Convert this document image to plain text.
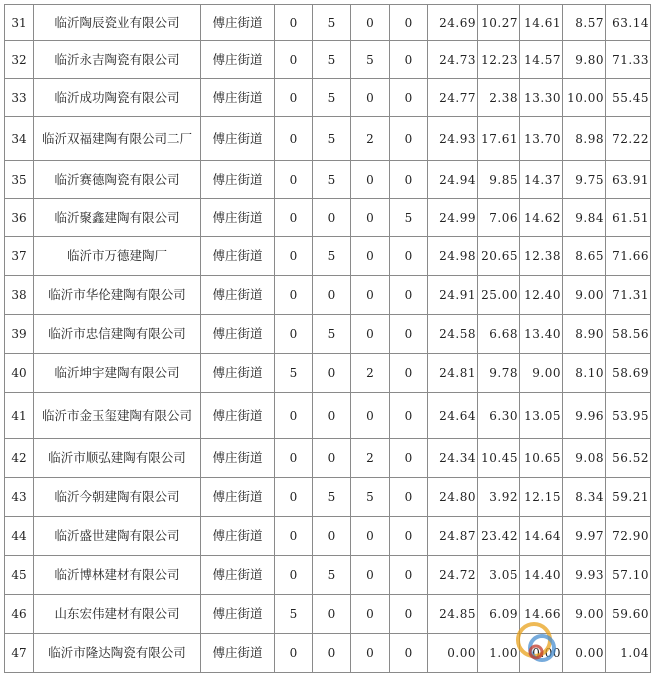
31	临沂陶辰瓷业有限公司	傅庄街道	0	5	0	0	24.69	10.27	14.61	8.57	63.14
32	临沂永吉陶瓷有限公司	傅庄街道	0	5	5	0	24.73	12.23	14.57	9.80	71.33
33	临沂成功陶瓷有限公司	傅庄街道	0	5	0	0	24.77	2.38	13.30	10.00	55.45
34	临沂双福建陶有限公司二厂	傅庄街道	0	5	2	0	24.93	17.61	13.70	8.98	72.22
35	临沂赛德陶瓷有限公司	傅庄街道	0	5	0	0	24.94	9.85	14.37	9.75	63.91
36	临沂聚鑫建陶有限公司	傅庄街道	0	0	0	5	24.99	7.06	14.62	9.84	61.51
37	临沂市万德建陶厂	傅庄街道	0	5	0	0	24.98	20.65	12.38	8.65	71.66
38	临沂市华伦建陶有限公司	傅庄街道	0	0	0	0	24.91	25.00	12.40	9.00	71.31
39	临沂市忠信建陶有限公司	傅庄街道	0	5	0	0	24.58	6.68	13.40	8.90	58.56
40	临沂坤宇建陶有限公司	傅庄街道	5	0	2	0	24.81	9.78	9.00	8.10	58.69
41	临沂市金玉玺建陶有限公司	傅庄街道	0	0	0	0	24.64	6.30	13.05	9.96	53.95
42	临沂市顺弘建陶有限公司	傅庄街道	0	0	2	0	24.34	10.45	10.65	9.08	56.52
43	临沂今朝建陶有限公司	傅庄街道	0	5	5	0	24.80	3.92	12.15	8.34	59.21
44	临沂盛世建陶有限公司	傅庄街道	0	0	0	0	24.87	23.42	14.64	9.97	72.90
45	临沂博林建材有限公司	傅庄街道	0	5	0	0	24.72	3.05	14.40	9.93	57.10
46	山东宏伟建材有限公司	傅庄街道	5	0	0	0	24.85	6.09	14.66	9.00	59.60
47	临沂市隆达陶瓷有限公司	傅庄街道	0	0	0	0	0.00	1.00	0.00	0.00	1.04
